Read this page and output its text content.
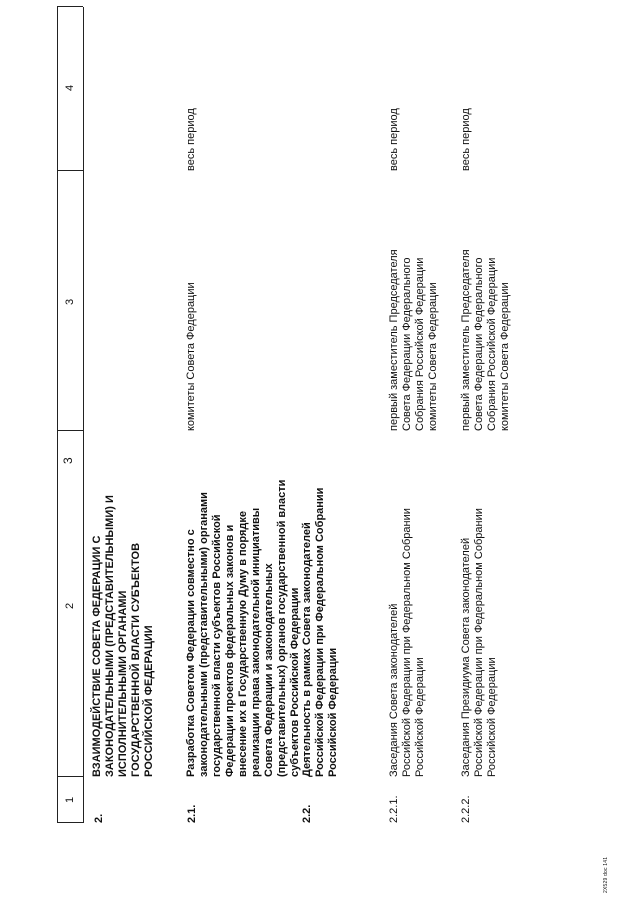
3
1
2
3
4
2.
ВЗАИМОДЕЙСТВИЕ СОВЕТА ФЕДЕРАЦИИ С
ЗАКОНОДАТЕЛЬНЫМИ (ПРЕДСТАВИТЕЛЬНЫМИ) И
ИСПОЛНИТЕЛЬНЫМИ ОРГАНАМИ
ГОСУДАРСТВЕННОЙ ВЛАСТИ СУБЪЕКТОВ
РОССИЙСКОЙ ФЕДЕРАЦИИ
2.1.
Разработка Советом Федерации совместно с
законодательными (представительными) органами
государственной власти субъектов Российской
Федерации проектов федеральных законов и
внесение их в Государственную Думу в порядке
реализации права законодательной инициативы
Совета Федерации и законодательных
(представительных) органов государственной власти
субъектов Российской Федерации
комитеты Совета Федерации
весь период
2.2.
Деятельность в рамках Совета законодателей
Российской Федерации при Федеральном Собрании
Российской Федерации
2.2.1.
Заседания Совета законодателей
Российской Федерации при Федеральном Собрании
Российской Федерации
первый заместитель Председателя
Совета Федерации Федерального
Собрания Российской Федерации
комитеты Совета Федерации
весь период
2.2.2.
Заседания Президиума Совета законодателей
Российской Федерации при Федеральном Собрании
Российской Федерации
первый заместитель Председателя
Совета Федерации Федерального
Собрания Российской Федерации
комитеты Совета Федерации
весь период
2X529 doc 141
